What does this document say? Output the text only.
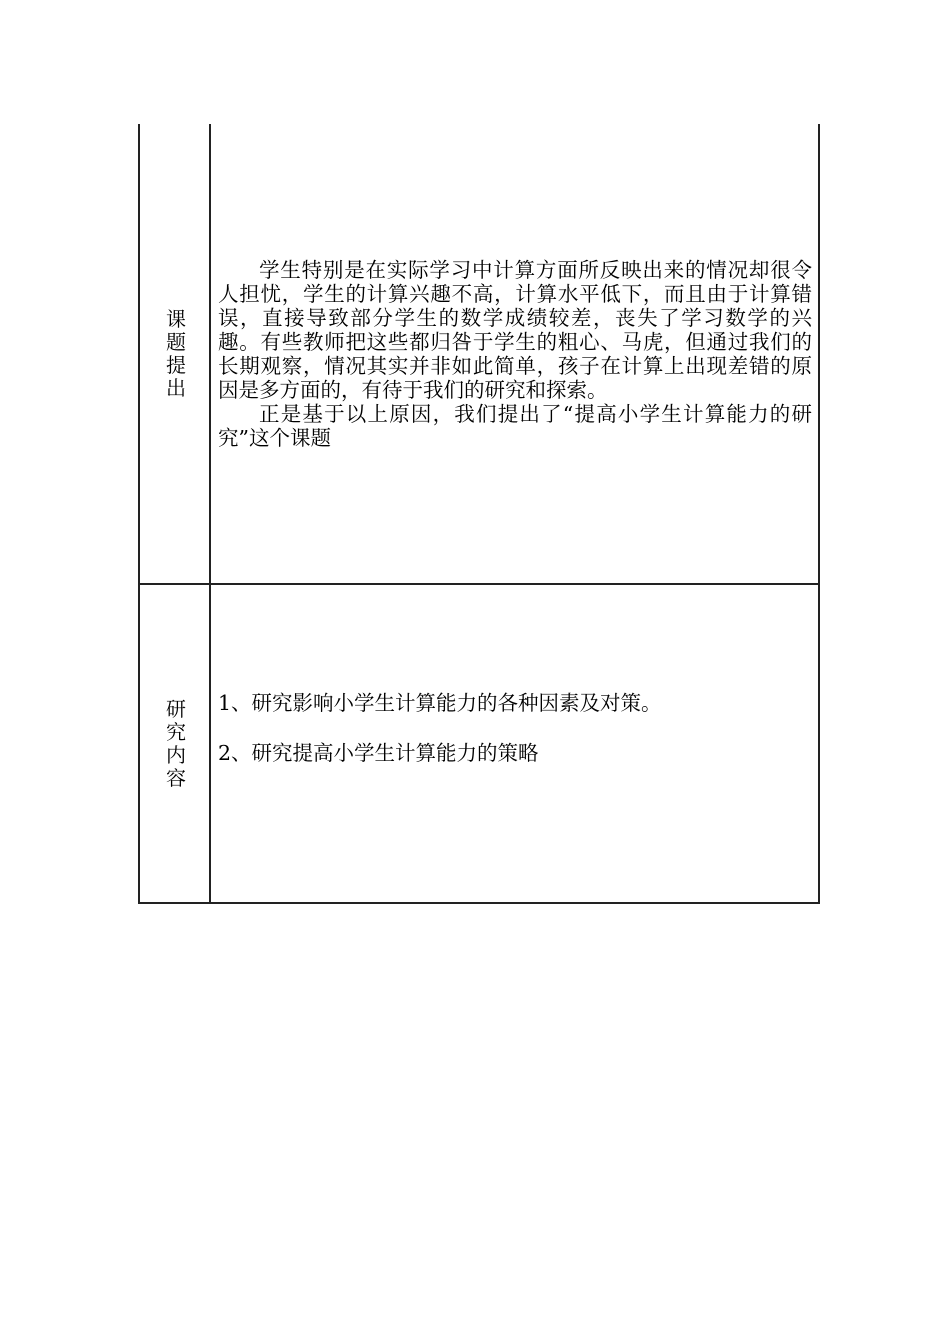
课题提出

学生特别是在实际学习中计算方面所反映出来的情况却很令人担忧，学生的计算兴趣不高，计算水平低下，而且由于计算错误，直接导致部分学生的数学成绩较差，丧失了学习数学的兴趣。有些教师把这些都归咎于学生的粗心、马虎，但通过我们的长期观察，情况其实并非如此简单，孩子在计算上出现差错的原因是多方面的，有待于我们的研究和探索。

正是基于以上原因，我们提出了“提高小学生计算能力的研究”这个课题

研究内容

1、研究影响小学生计算能力的各种因素及对策。

2、研究提高小学生计算能力的策略
